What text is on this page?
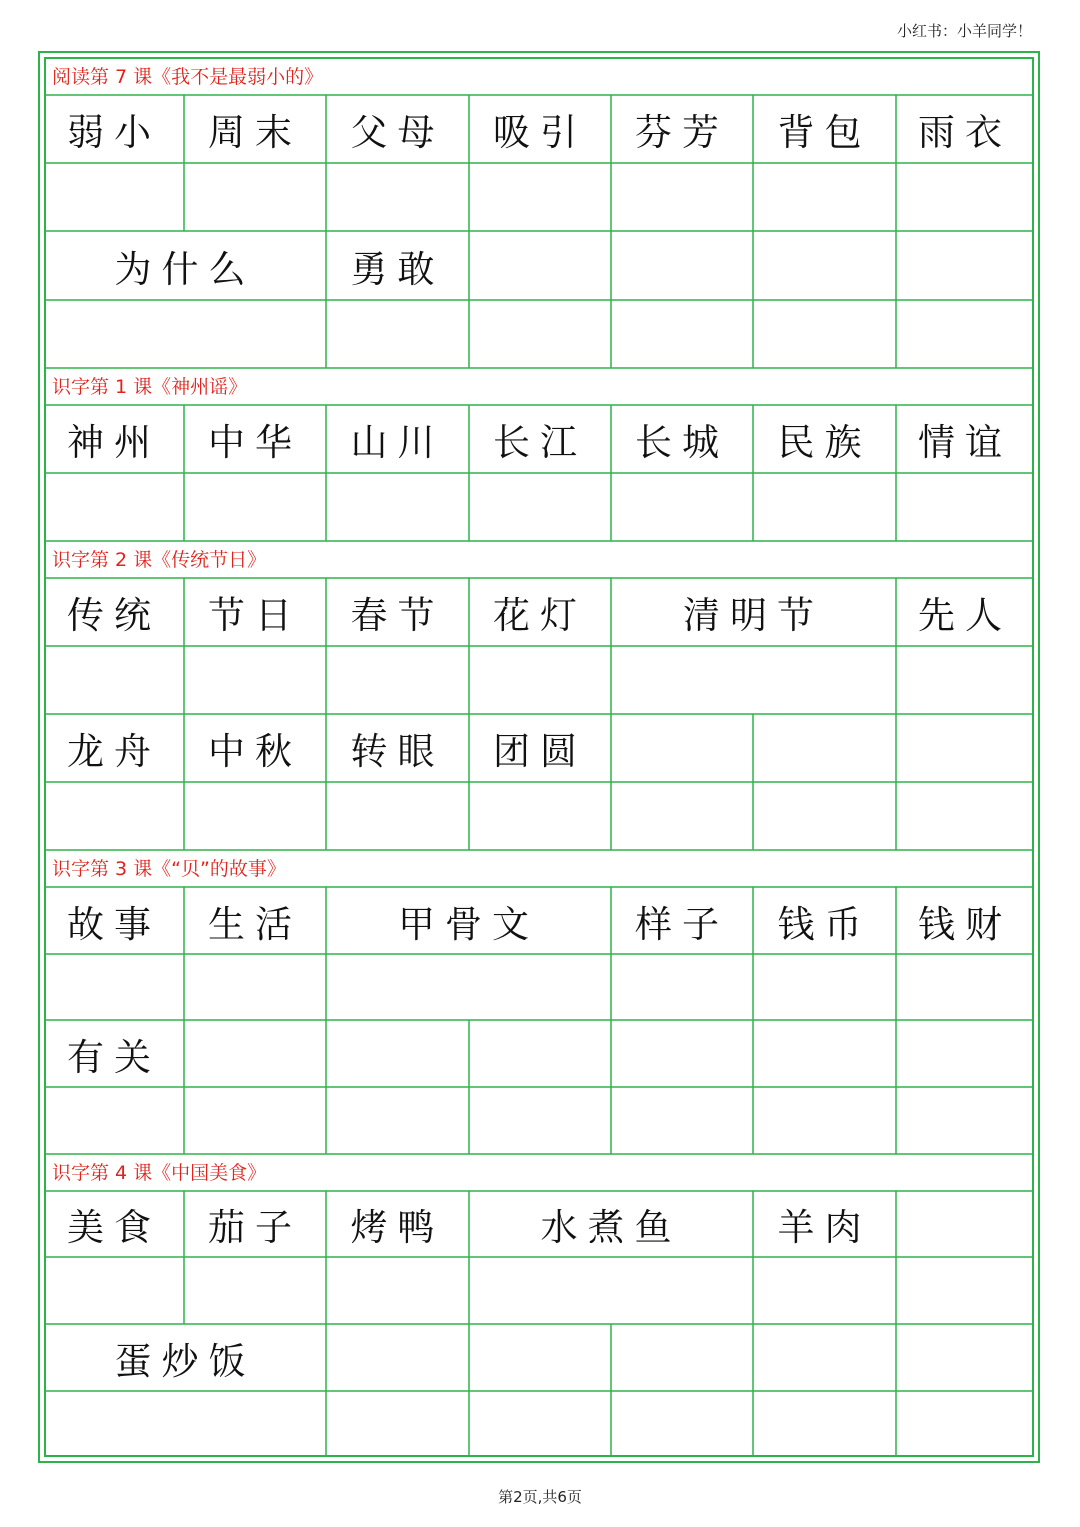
小红书：小羊同学！
阅读第 7 课《我不是最弱小的》
识字第 1 课《神州谣》
识字第 2 课《传统节日》
识字第 3 课《“贝”的故事》
识字第 4 课《中国美食》
弱小	周末	父母	吸引	芬芳	背包	雨衣
为什么	勇敢
神州	中华	山川	长江	长城	民族	情谊
传统	节日	春节	花灯	清明节	先人
龙舟	中秋	转眼	团圆
故事	生活	甲骨文	样子	钱币	钱财
有关
美食	茄子	烤鸭	水煮鱼	羊肉
蛋炒饭
第2页,共6页
